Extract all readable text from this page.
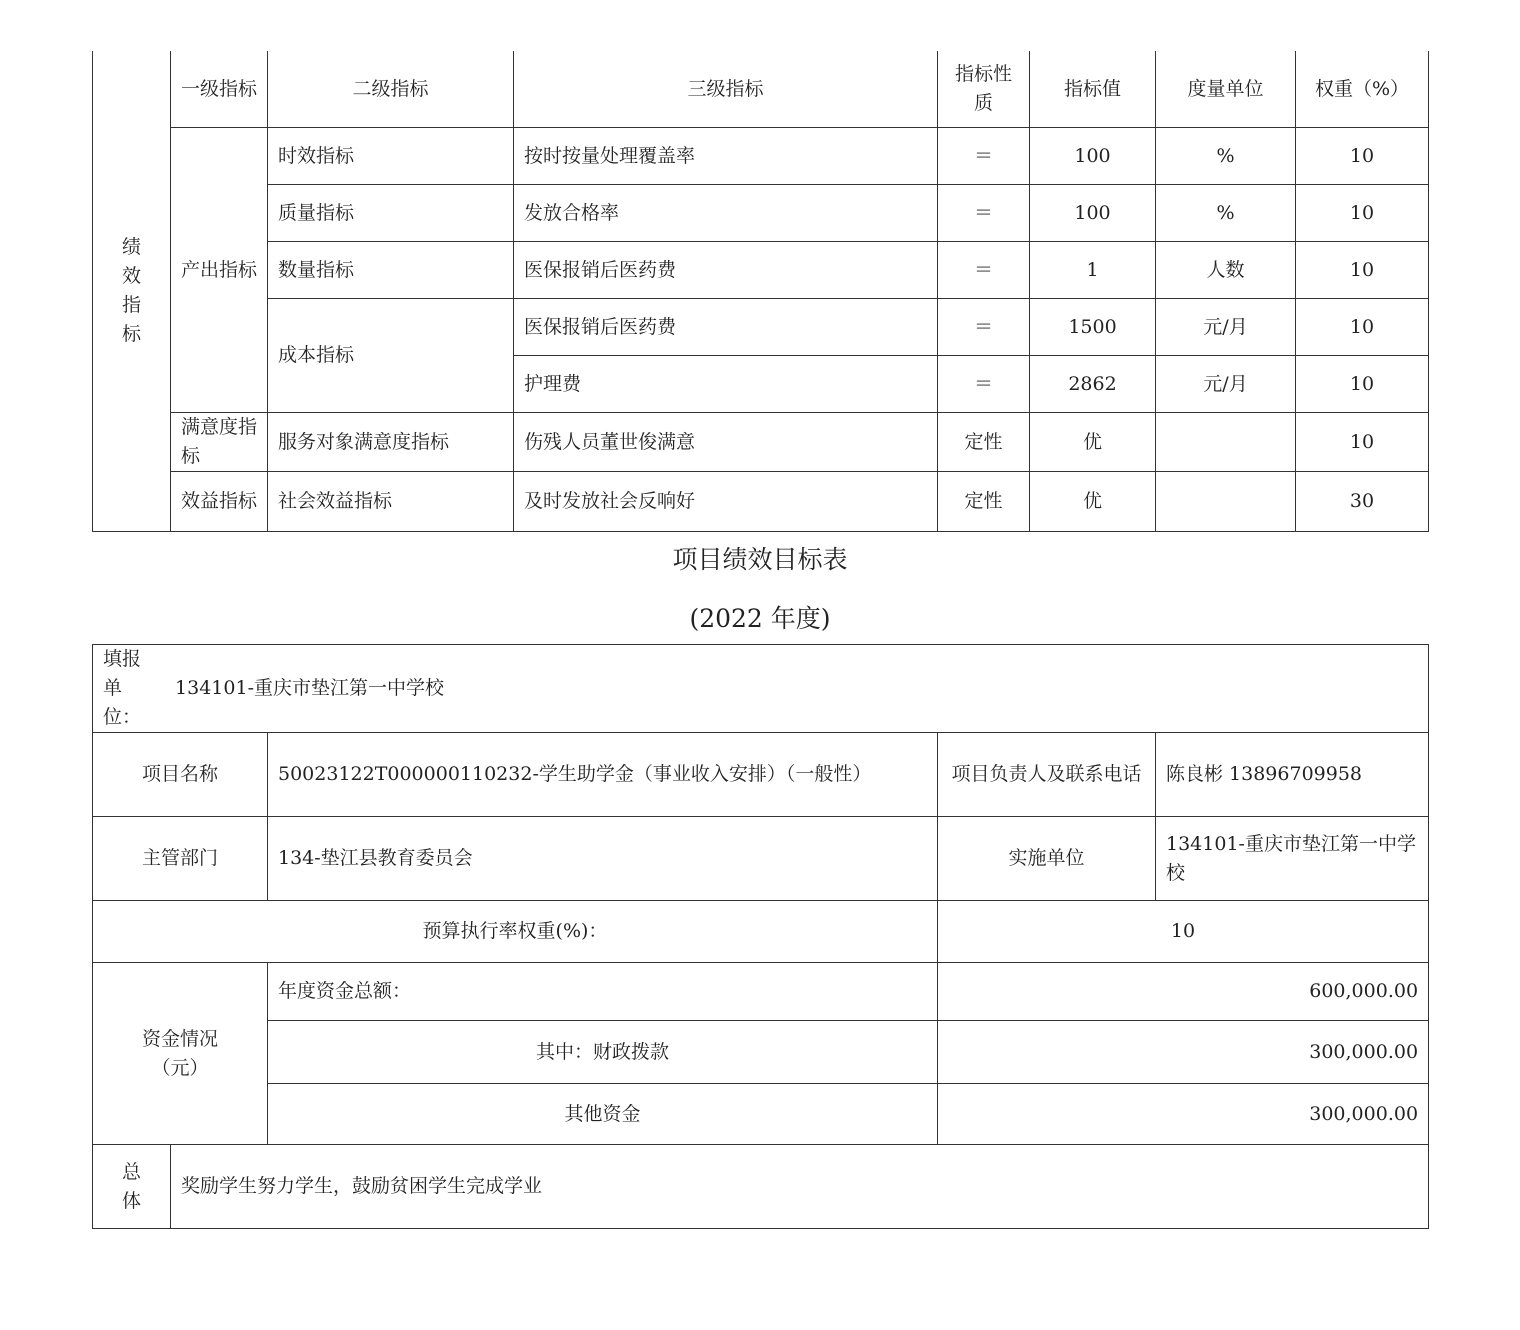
绩效指标	一级指标	二级指标	三级指标	指标性质	指标值	度量单位	权重（%）
	产出指标	时效指标	按时按量处理覆盖率	＝	100	%	10
		质量指标	发放合格率	＝	100	%	10
		数量指标	医保报销后医药费	＝	1	人数	10
		成本指标	医保报销后医药费	＝	1500	元/月	10
			护理费	＝	2862	元/月	10
	满意度指标	服务对象满意度指标	伤残人员董世俊满意	定性	优		10
	效益指标	社会效益指标	及时发放社会反响好	定性	优		30
项目绩效目标表
(2022 年度)
填报单位： 134101-重庆市垫江第一中学校				
项目名称		50023122T000000110232-学生助学金（事业收入安排）（一般性）	项目负责人及联系电话	陈良彬 13896709958
主管部门		134-垫江县教育委员会	实施单位	134101-重庆市垫江第一中学校
预算执行率权重(%)：			10	
资金情况（元）		年度资金总额：	600,000.00	
		其中：财政拨款	300,000.00	
		其他资金	300,000.00	
总体	奖励学生努力学生，鼓励贫困学生完成学业			
